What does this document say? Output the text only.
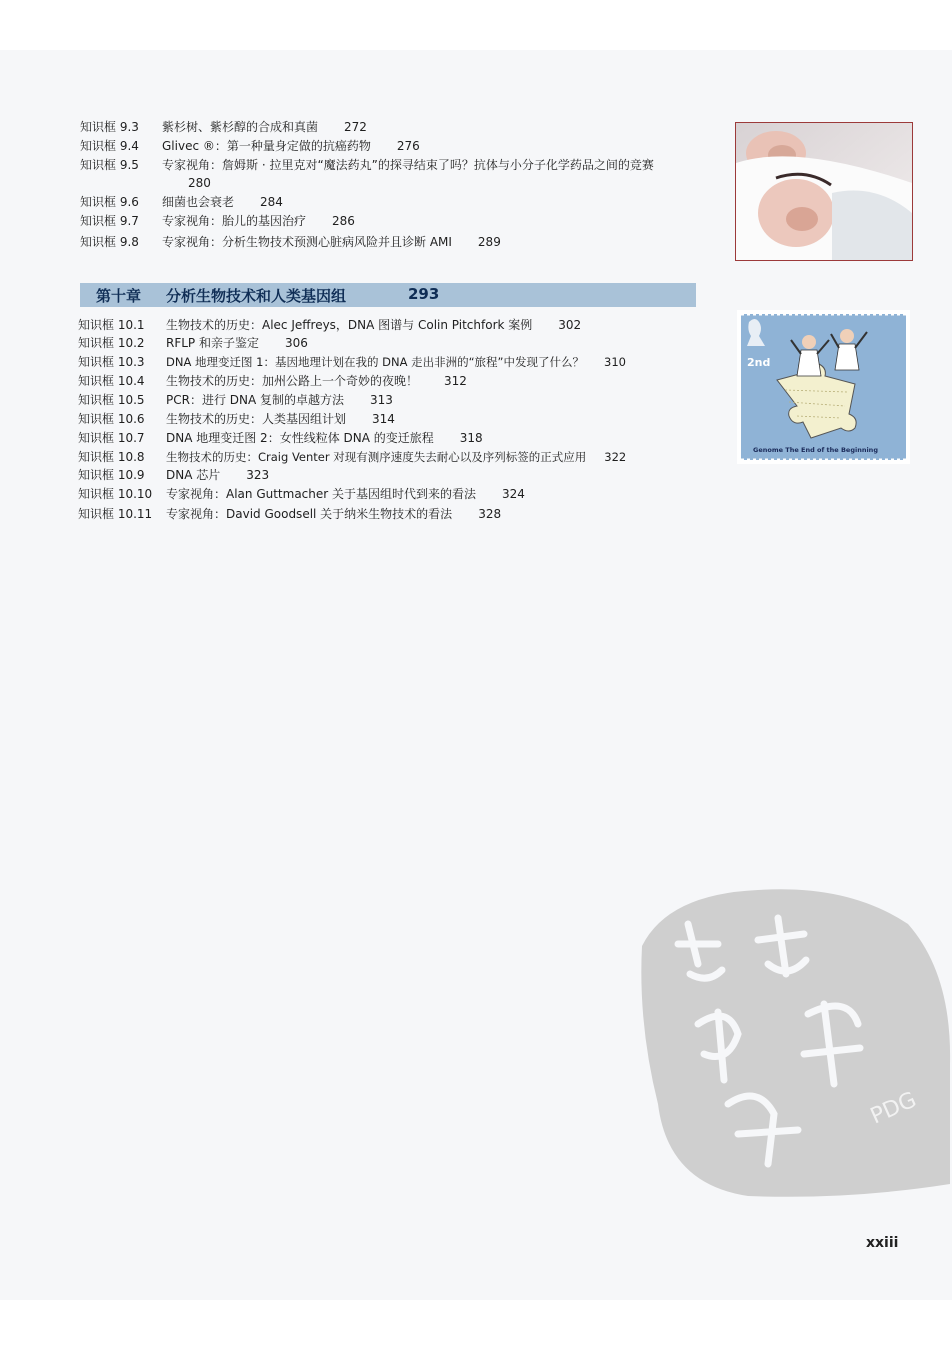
知识框 9.3 紫杉树、紫杉醇的合成和真菌 272
知识框 9.4 Glivec ®：第一种量身定做的抗癌药物 276
知识框 9.5 专家视角：詹姆斯 · 拉里克对“魔法药丸”的探寻结束了吗？抗体与小分子化学药品之间的竞赛280
知识框 9.6 细菌也会衰老 284
知识框 9.7 专家视角：胎儿的基因治疗 286
知识框 9.8 专家视角：分析生物技术预测心脏病风险并且诊断 AMI 289
第十章 分析生物技术和人类基因组	293
知识框 10.1 生物技术的历史：Alec Jeffreys，DNA 图谱与 Colin Pitchfork 案例 302
知识框 10.2 RFLP 和亲子鉴定 306
知识框 10.3 DNA 地理变迁图 1：基因地理计划在我的 DNA 走出非洲的“旅程”中发现了什么？ 310
知识框 10.4 生物技术的历史：加州公路上一个奇妙的夜晚！ 312
知识框 10.5 PCR：进行 DNA 复制的卓越方法 313
知识框 10.6 生物技术的历史：人类基因组计划 314
知识框 10.7 DNA 地理变迁图 2：女性线粒体 DNA 的变迁旅程 318
知识框 10.8 生物技术的历史：Craig Venter 对现有测序速度失去耐心以及序列标签的正式应用 322
知识框 10.9 DNA 芯片 323
知识框 10.10 专家视角：Alan Guttmacher 关于基因组时代到来的看法 324
知识框 10.11 专家视角：David Goodsell 关于纳米生物技术的看法 328
2nd
Genome The End of the Beginning
PDG
xxiii
